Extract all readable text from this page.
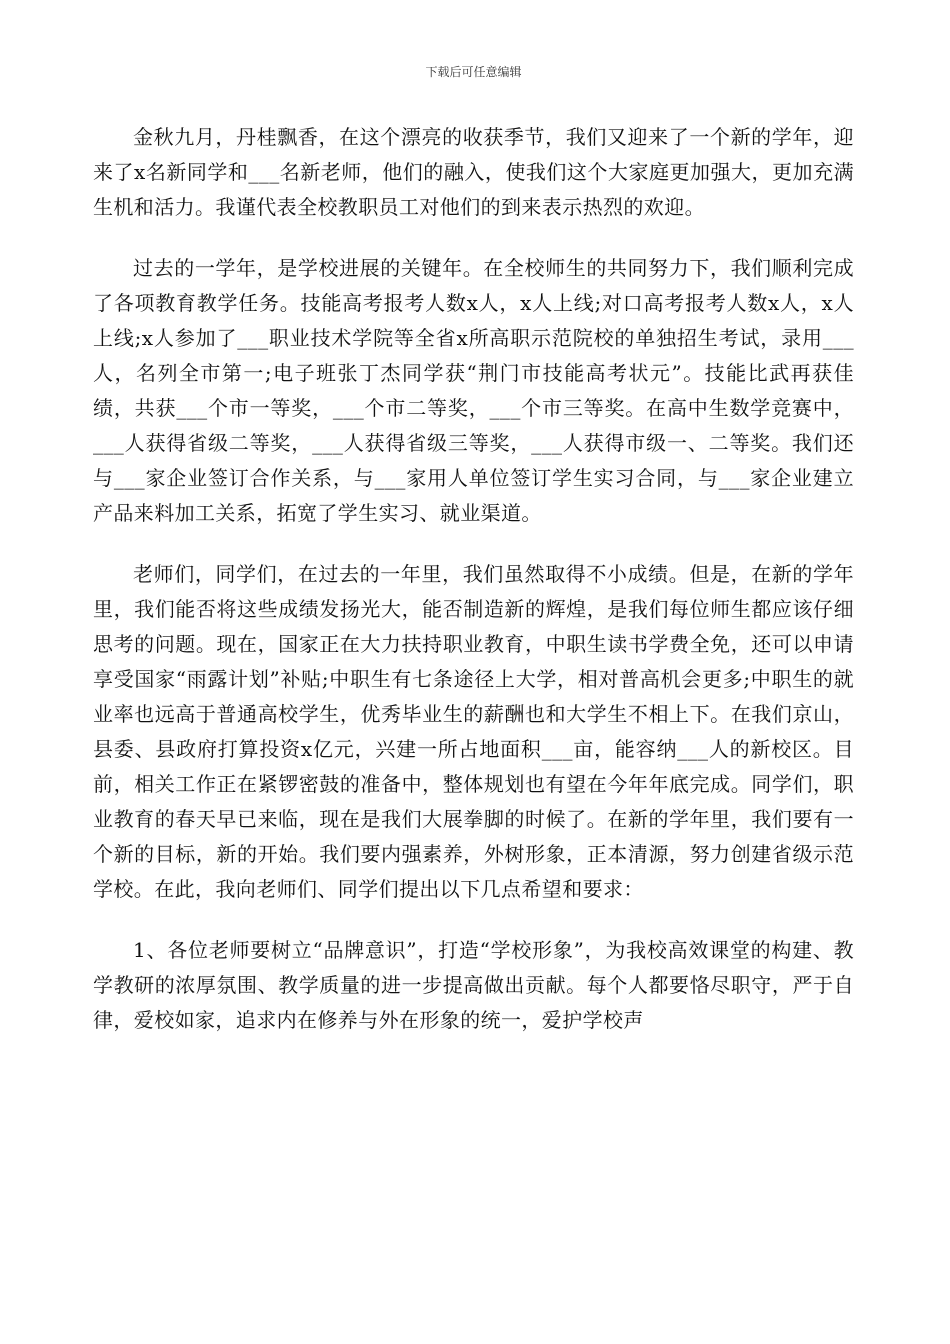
下载后可任意编辑

金秋九月，丹桂飘香，在这个漂亮的收获季节，我们又迎来了一个新的学年，迎来了x名新同学和___名新老师，他们的融入，使我们这个大家庭更加强大，更加充满生机和活力。我谨代表全校教职员工对他们的到来表示热烈的欢迎。

过去的一学年，是学校进展的关键年。在全校师生的共同努力下，我们顺利完成了各项教育教学任务。技能高考报考人数x人，x人上线;对口高考报考人数x人，x人上线;x人参加了___职业技术学院等全省x所高职示范院校的单独招生考试，录用___人，名列全市第一;电子班张丁杰同学获“荆门市技能高考状元”。技能比武再获佳绩，共获___个市一等奖，___个市二等奖，___个市三等奖。在高中生数学竞赛中，___人获得省级二等奖，___人获得省级三等奖，___人获得市级一、二等奖。我们还与___家企业签订合作关系，与___家用人单位签订学生实习合同，与___家企业建立产品来料加工关系，拓宽了学生实习、就业渠道。

老师们，同学们，在过去的一年里，我们虽然取得不小成绩。但是，在新的学年里，我们能否将这些成绩发扬光大，能否制造新的辉煌，是我们每位师生都应该仔细思考的问题。现在，国家正在大力扶持职业教育，中职生读书学费全免，还可以申请享受国家“雨露计划”补贴;中职生有七条途径上大学，相对普高机会更多;中职生的就业率也远高于普通高校学生，优秀毕业生的薪酬也和大学生不相上下。在我们京山，县委、县政府打算投资x亿元，兴建一所占地面积___亩，能容纳___人的新校区。目前，相关工作正在紧锣密鼓的准备中，整体规划也有望在今年年底完成。同学们，职业教育的春天早已来临，现在是我们大展拳脚的时候了。在新的学年里，我们要有一个新的目标，新的开始。我们要内强素养，外树形象，正本清源，努力创建省级示范学校。在此，我向老师们、同学们提出以下几点希望和要求：

1、各位老师要树立“品牌意识”，打造“学校形象”，为我校高效课堂的构建、教学教研的浓厚氛围、教学质量的进一步提高做出贡献。每个人都要恪尽职守，严于自律，爱校如家，追求内在修养与外在形象的统一，爱护学校声
